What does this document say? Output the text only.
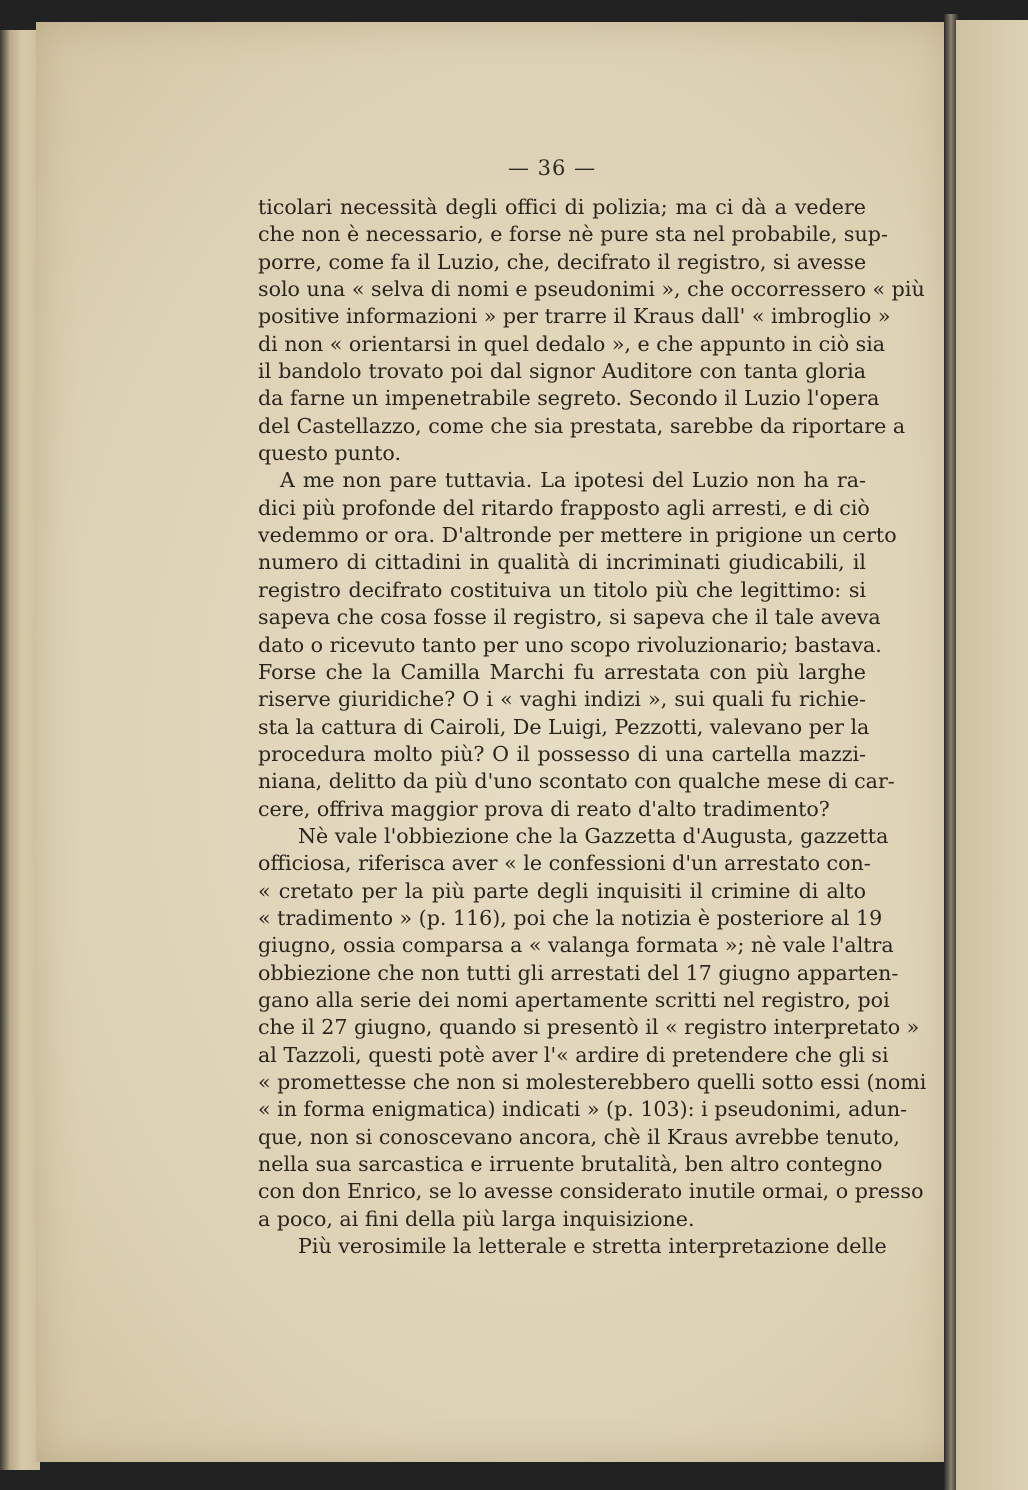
— 36 —
ticolari necessità degli offici di polizia; ma ci dà a vedere
che non è necessario, e forse nè pure sta nel probabile, sup-
porre, come fa il Luzio, che, decifrato il registro, si avesse
solo una « selva di nomi e pseudonimi », che occorressero « più
positive informazioni » per trarre il Kraus dall' « imbroglio »
di non « orientarsi in quel dedalo », e che appunto in ciò sia
il bandolo trovato poi dal signor Auditore con tanta gloria
da farne un impenetrabile segreto. Secondo il Luzio l'opera
del Castellazzo, come che sia prestata, sarebbe da riportare a
questo punto.
A me non pare tuttavia. La ipotesi del Luzio non ha ra-
dici più profonde del ritardo frapposto agli arresti, e di ciò
vedemmo or ora. D'altronde per mettere in prigione un certo
numero di cittadini in qualità di incriminati giudicabili, il
registro decifrato costituiva un titolo più che legittimo: si
sapeva che cosa fosse il registro, si sapeva che il tale aveva
dato o ricevuto tanto per uno scopo rivoluzionario; bastava.
Forse che la Camilla Marchi fu arrestata con più larghe
riserve giuridiche? O i « vaghi indizi », sui quali fu richie-
sta la cattura di Cairoli, De Luigi, Pezzotti, valevano per la
procedura molto più? O il possesso di una cartella mazzi-
niana, delitto da più d'uno scontato con qualche mese di car-
cere, offriva maggior prova di reato d'alto tradimento?
Nè vale l'obbiezione che la Gazzetta d'Augusta, gazzetta
officiosa, riferisca aver « le confessioni d'un arrestato con-
« cretato per la più parte degli inquisiti il crimine di alto
« tradimento » (p. 116), poi che la notizia è posteriore al 19
giugno, ossia comparsa a « valanga formata »; nè vale l'altra
obbiezione che non tutti gli arrestati del 17 giugno apparten-
gano alla serie dei nomi apertamente scritti nel registro, poi
che il 27 giugno, quando si presentò il « registro interpretato »
al Tazzoli, questi potè aver l'« ardire di pretendere che gli si
« promettesse che non si molesterebbero quelli sotto essi (nomi
« in forma enigmatica) indicati » (p. 103): i pseudonimi, adun-
que, non si conoscevano ancora, chè il Kraus avrebbe tenuto,
nella sua sarcastica e irruente brutalità, ben altro contegno
con don Enrico, se lo avesse considerato inutile ormai, o presso
a poco, ai fini della più larga inquisizione.
Più verosimile la letterale e stretta interpretazione delle
